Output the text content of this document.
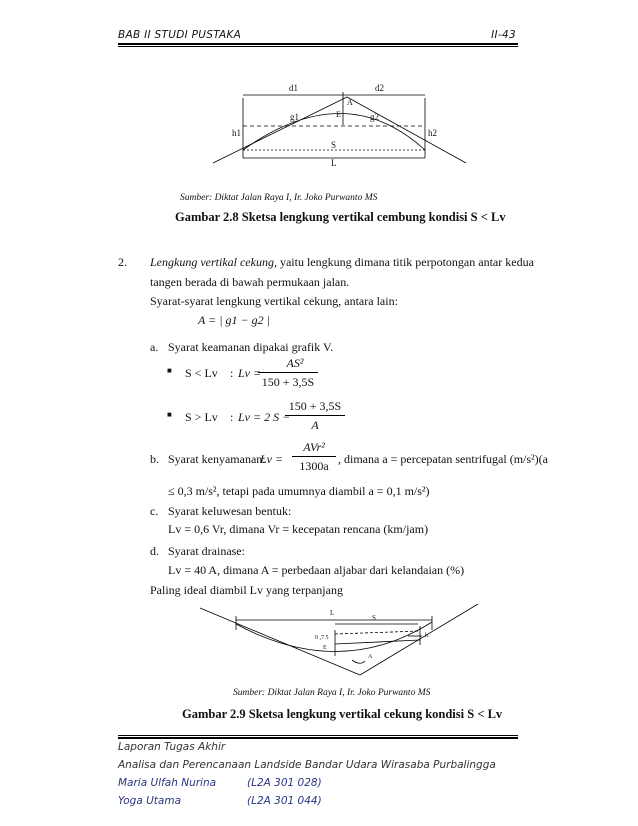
BAB II STUDI PUSTAKA	II-43
d1	d2
A
E
g1	g2
h1	h2
S
L
Sumber: Diktat Jalan Raya I, Ir. Joko Purwanto MS
Gambar 2.8 Sketsa lengkung vertikal cembung kondisi S < Lv
2. Lengkung vertikal cekung, yaitu lengkung dimana titik perpotongan antar kedua
tangen berada di bawah permukaan jalan.
Syarat-syarat lengkung vertikal cekung, antara lain:
A = | g1 − g2 |
a. Syarat keamanan dipakai grafik V.
■ S < Lv : Lv =
AS²
150 + 3,5S
■ S > Lv : Lv = 2 S −
150 + 3,5S
A
b. Syarat kenyamanan:
Lv =
AVr²
1300a , dimana a = percepatan sentrifugal (m/s²)(a
≤ 0,3 m/s², tetapi pada umumnya diambil a = 0,1 m/s²)
c. Syarat keluwesan bentuk:
Lv = 0,6 Vr, dimana Vr = kecepatan rencana (km/jam)
d. Syarat drainase:
Lv = 40 A, dimana A = perbedaan aljabar dari kelandaian (%)
Paling ideal diambil Lv yang terpanjang
L
S
h
0 ,7 5
E
A
Sumber: Diktat Jalan Raya I, Ir. Joko Purwanto MS
Gambar 2.9 Sketsa lengkung vertikal cekung kondisi S < Lv
Laporan Tugas Akhir
Analisa dan Perencanaan Landside Bandar Udara Wirasaba Purbalingga
Maria Ulfah Nurina	(L2A 301 028)
Yoga Utama	(L2A 301 044)
